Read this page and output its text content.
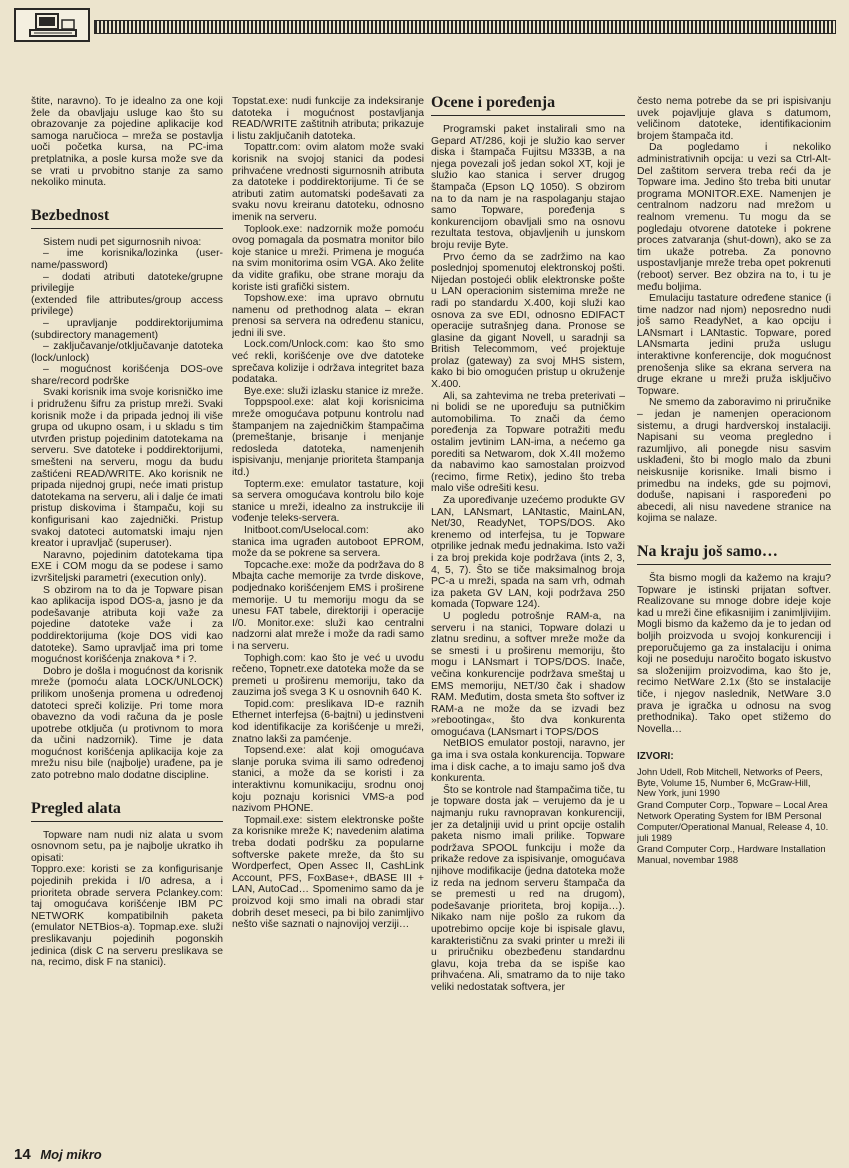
štite, naravno). To je idealno za one koji žele da obavljaju usluge kao što su obrazovanje za pojedine aplikacije kod samoga naručioca – mreža se postavlja uoči početka kursa, na PC-ima pretplatnika, a posle kursa može sve da se vrati u prvobitno stanje za samo nekoliko minuta.

Bezbednost

Sistem nudi pet sigurnosnih nivoa:

– ime korisnika/lozinka (user-name/password)

– dodati atributi datoteke/grupne privilegije

(extended file attributes/group access privilege)

– upravljanje poddirektorijumima (subdirectory management)

– zaključavanje/otključavanje datoteka (lock/unlock)

– mogućnost korišćenja DOS-ove share/record podrške

Svaki korisnik ima svoje korisničko ime i pridruženu šifru za pristup mreži. Svaki korisnik može i da pripada jednoj ili više grupa od ukupno osam, i u skladu s tim utvrđen pristup pojedinim datotekama na serveru. Sve datoteke i poddirektorijumi, smešteni na serveru, mogu da budu zaštićeni READ/WRITE. Ako korisnik ne pripada nijednoj grupi, neće imati pristup datotekama na serveru, ali i dalje će imati pristup diskovima i štampaču, koji su konfigurisani kao zajednički. Pristup svakoj datoteci automatski imaju njen kreator i upravljač (superuser).

Naravno, pojedinim datotekama tipa EXE i COM mogu da se podese i samo izvršiteljski parametri (execution only).

S obzirom na to da je Topware pisan kao aplikacija ispod DOS-a, jasno je da podešavanje atributa koji važe za pojedine datoteke važe i za poddirektorijuma (koje DOS vidi kao datoteke). Samo upravljač ima pri tome mogućnost korišćenja znakova * i ?.

Dobro je došla i mogućnost da korisnik mreže (pomoću alata LOCK/UNLOCK) prilikom unošenja promena u određenoj datoteci spreči kolizije. Pri tome mora obavezno da vodi računa da je posle upotrebe otključa (u protivnom to mora da učini nadzornik). Time je data mogućnost korišćenja aplikacija koje za mrežu nisu bile (najbolje) urađene, pa je zato potrebno malo dodatne discipline.

Pregled alata

Topware nam nudi niz alata u svom osnovnom setu, pa je najbolje ukratko ih opisati:

Toppro.exe: koristi se za konfigurisanje pojedinih prekida i I/0 adresa, a i prioriteta obrade servera Pclankey.com: taj omogućava korišćenje IBM PC NETWORK kompatibilnih paketa (emulator NETBios-a). Topmap.exe. služi preslikavanju pojedinih pogonskih jedinica (disk C na serveru preslikava se na, recimo, disk F na stanici).

Topstat.exe: nudi funkcije za indeksiranje datoteka i mogućnost postavljanja READ/WRITE zaštitnih atributa; prikazuje i listu zaključanih datoteka.

Topattr.com: ovim alatom može svaki korisnik na svojoj stanici da podesi prihvaćene vrednosti sigurnosnih atributa za datoteke i poddirektorijume. Ti će se atributi zatim automatski podešavati za svaku novu kreiranu datoteku, odnosno imenik na serveru.

Toplook.exe: nadzornik može pomoću ovog pomagala da posmatra monitor bilo koje stanice u mreži. Primena je moguća na svim monitorima osim VGA. Ako želite da vidite grafiku, obe strane moraju da koriste isti grafički sistem.

Topshow.exe: ima upravo obrnutu namenu od prethodnog alata – ekran prenosi sa servera na određenu stanicu, jedni ili sve.

Lock.com/Unlock.com: kao što smo već rekli, korišćenje ove dve datoteke sprečava kolizije i održava integritet baza podataka.

Bye.exe: služi izlasku stanice iz mreže.

Toppspool.exe: alat koji korisnicima mreže omogućava potpunu kontrolu nad štampanjem na zajedničkim štampačima (premeštanje, brisanje i menjanje redosleda datoteka, namenjenih ispisivanju, menjanje prioriteta štampanja itd.)

Topterm.exe: emulator tastature, koji sa servera omogućava kontrolu bilo koje stanice u mreži, idealno za instrukcije ili vođenje teleks-servera.

Initboot.com/Uselocal.com: ako stanica ima ugrađen autoboot EPROM, može da se pokrene sa servera.

Topcache.exe: može da podržava do 8 Mbajta cache memorije za tvrde diskove, podjednako korišćenjem EMS i proširene memorije. U tu memoriju mogu da se unesu FAT tabele, direktoriji i operacije I/0. Monitor.exe: služi kao centralni nadzorni alat mreže i može da radi samo i na serveru.

Tophigh.com: kao što je već u uvodu rečeno, Topnetr.exe datoteka može da se premeti u proširenu memoriju, tako da zauzima još svega 3 K u osnovnih 640 K.

Topid.com: preslikava ID-e raznih Ethernet interfejsa (6-bajtni) u jedinstveni kod identifikacije za korišćenje u mreži, znatno lakši za pamćenje.

Topsend.exe: alat koji omogućava slanje poruka svima ili samo određenoj stanici, a može da se koristi i za interaktivnu komunikaciju, srodnu onoj koju poznaju korisnici VMS-a pod nazivom PHONE.

Topmail.exe: sistem elektronske pošte za korisnike mreže K; navedenim alatima treba dodati podršku za popularne softverske pakete mreže, da što su Wordperfect, Open Assec II, CashLink Account, PFS, FoxBase+, dBASE III + LAN, AutoCad… Spomenimo samo da je proizvod koji smo imali na obradi star dobrih deset meseci, pa bi bilo zanimljivo nešto više saznati o najnovijoj verziji…

Ocene i poređenja

Programski paket instalirali smo na Gepard AT/286, koji je služio kao server diska i štampača Fujitsu M333B, a na njega povezali još jedan sokol XT, koji je služio kao stanica i server drugog štampača (Epson LQ 1050). S obzirom na to da nam je na raspolaganju stajao samo Topware, poređenja s konkurencijom obavljali smo na osnovu rezultata testova, objavljenih u junskom broju revije Byte.

Prvo ćemo da se zadržimo na kao poslednjoj spomenutoj elektronskoj pošti. Nijedan postojeći oblik elektronske pošte u LAN operacionim sistemima mreže ne radi po standardu X.400, koji služi kao osnova za sve EDI, odnosno EDIFACT operacije sutrašnjeg dana. Pronose se glasine da gigant Novell, u saradnji sa British Telecommom, već projektuje prolaz (gateway) za svoj MHS sistem, kako bi bio omogućen pristup u okruženje X.400.

Ali, sa zahtevima ne treba preterivati – ni bolidi se ne upoređuju sa putničkim automobilima. To znači da ćemo poređenja za Topware potražiti među ostalim jevtinim LAN-ima, a nećemo ga porediti sa Netwarom, dok X.4II možemo da nabavimo kao samostalan proizvod (recimo, firme Retix), jedino što treba malo više odrešiti kesu.

Za upoređivanje uzećemo produkte GV LAN, LANsmart, LANtastic, MainLAN, Net/30, ReadyNet, TOPS/DOS. Ako krenemo od interfejsa, tu je Topware otprilike jednak među jednakima. Isto važi i za broj prekida koje podržava (ints 2, 3, 4, 5, 7). Što se tiče maksimalnog broja PC-a u mreži, spada na sam vrh, odmah iza paketa GV LAN, koji podržava 250 komada (Topware 124).

U pogledu potrošnje RAM-a, na serveru i na stanici, Topware dolazi u zlatnu sredinu, a softver mreže može da se smesti i u proširenu memoriju, što mogu i LANsmart i TOPS/DOS. Inače, večina konkurencije podržava smeštaj u EMS memoriju, NET/30 čak i shadow RAM. Međutim, dosta smeta što softver iz RAM-a ne može da se izvadi bez »rebootinga«, što dva konkurenta omogućava (LANsmart i TOPS/DOS

NetBIOS emulator postoji, naravno, jer ga ima i sva ostala konkurencija. Topware ima i disk cache, a to imaju samo još dva konkurenta.

Što se kontrole nad štampačima tiče, tu je topware dosta jak – verujemo da je u najmanju ruku ravnopravan konkurenciji, jer za detaljniji uvid u print opcije ostalih paketa nismo imali prilike. Topware podržava SPOOL funkciju i može da prikaže redove za ispisivanje, omogućava njihove modifikacije (jedna datoteka može iz reda na jednom serveru štampača da se premesti u red na drugom), podešavanje prioriteta, broj kopija…). Nikako nam nije pošlo za rukom da upotrebimo opcije koje bi ispisale glavu, karakterističnu za svaki printer u mreži ili u priručniku obezbeđenu standardnu glavu, koja treba da se ispiše kao prihvaćena. Ali, smatramo da to nije tako veliki nedostatak softvera, jer

često nema potrebe da se pri ispisivanju uvek pojavljuje glava s datumom, veličinom datoteke, identifikacionim brojem štampača itd.

Da pogledamo i nekoliko administrativnih opcija: u vezi sa Ctrl-Alt-Del zaštitom servera treba reći da je Topware ima. Jedino što treba biti unutar programa MONITOR.EXE. Namenjen je centralnom nadzoru nad mrežom u realnom vremenu. Tu mogu da se pogledaju otvorene datoteke i pokrene proces zatvaranja (shut-down), ako se za tim ukaže potreba. Za ponovno uspostavljanje mreže treba opet pokrenuti (reboot) server. Bez obzira na to, i tu je među boljima.

Emulaciju tastature određene stanice (i time nadzor nad njom) neposredno nudi još samo ReadyNet, a kao opciju i LANsmart i LANtastic. Topware, pored LANsmarta jedini pruža uslugu interaktivne konferencije, dok mogućnost prenošenja slike sa ekrana servera na druge ekrane u mreži pruža isključivo Topware.

Ne smemo da zaboravimo ni priručnike – jedan je namenjen operacionom sistemu, a drugi hardverskoj instalaciji. Napisani su veoma pregledno i razumljivo, ali ponegde nisu sasvim usklađeni, što bi moglo malo da zbuni neiskusnije korisnike. Imali bismo i primedbu na indeks, gde su pojmovi, doduše, napisani i raspoređeni po abecedi, ali nisu navedene stranice na kojima se nalaze.

Na kraju još samo…

Šta bismo mogli da kažemo na kraju? Topware je istinski prijatan softver. Realizovane su mnoge dobre ideje koje kad u mreži čine efikasnijim i zanimljivijim. Mogli bismo da kažemo da je to jedan od boljih proizvoda u svojoj konkurenciji i preporučujemo ga za instalaciju i onima koji ne poseduju naročito bogato iskustvo sa složenijim proizvodima, kao što je, recimo NetWare 2.1x (što se instalacije tiče, i njegov naslednik, NetWare 3.0 prava je igračka u odnosu na svog prethodnika). Tako opet stižemo do Novella…

IZVORI:

John Udell, Rob Mitchell, Networks of Peers, Byte, Volume 15, Number 6, McGraw-Hill, New York, juni 1990

Grand Computer Corp., Topware – Local Area Network Operating System for IBM Personal Computer/Operational Manual, Release 4, 10. juli 1989

Grand Computer Corp., Hardware Installation Manual, novembar 1988

14 Moj mikro
